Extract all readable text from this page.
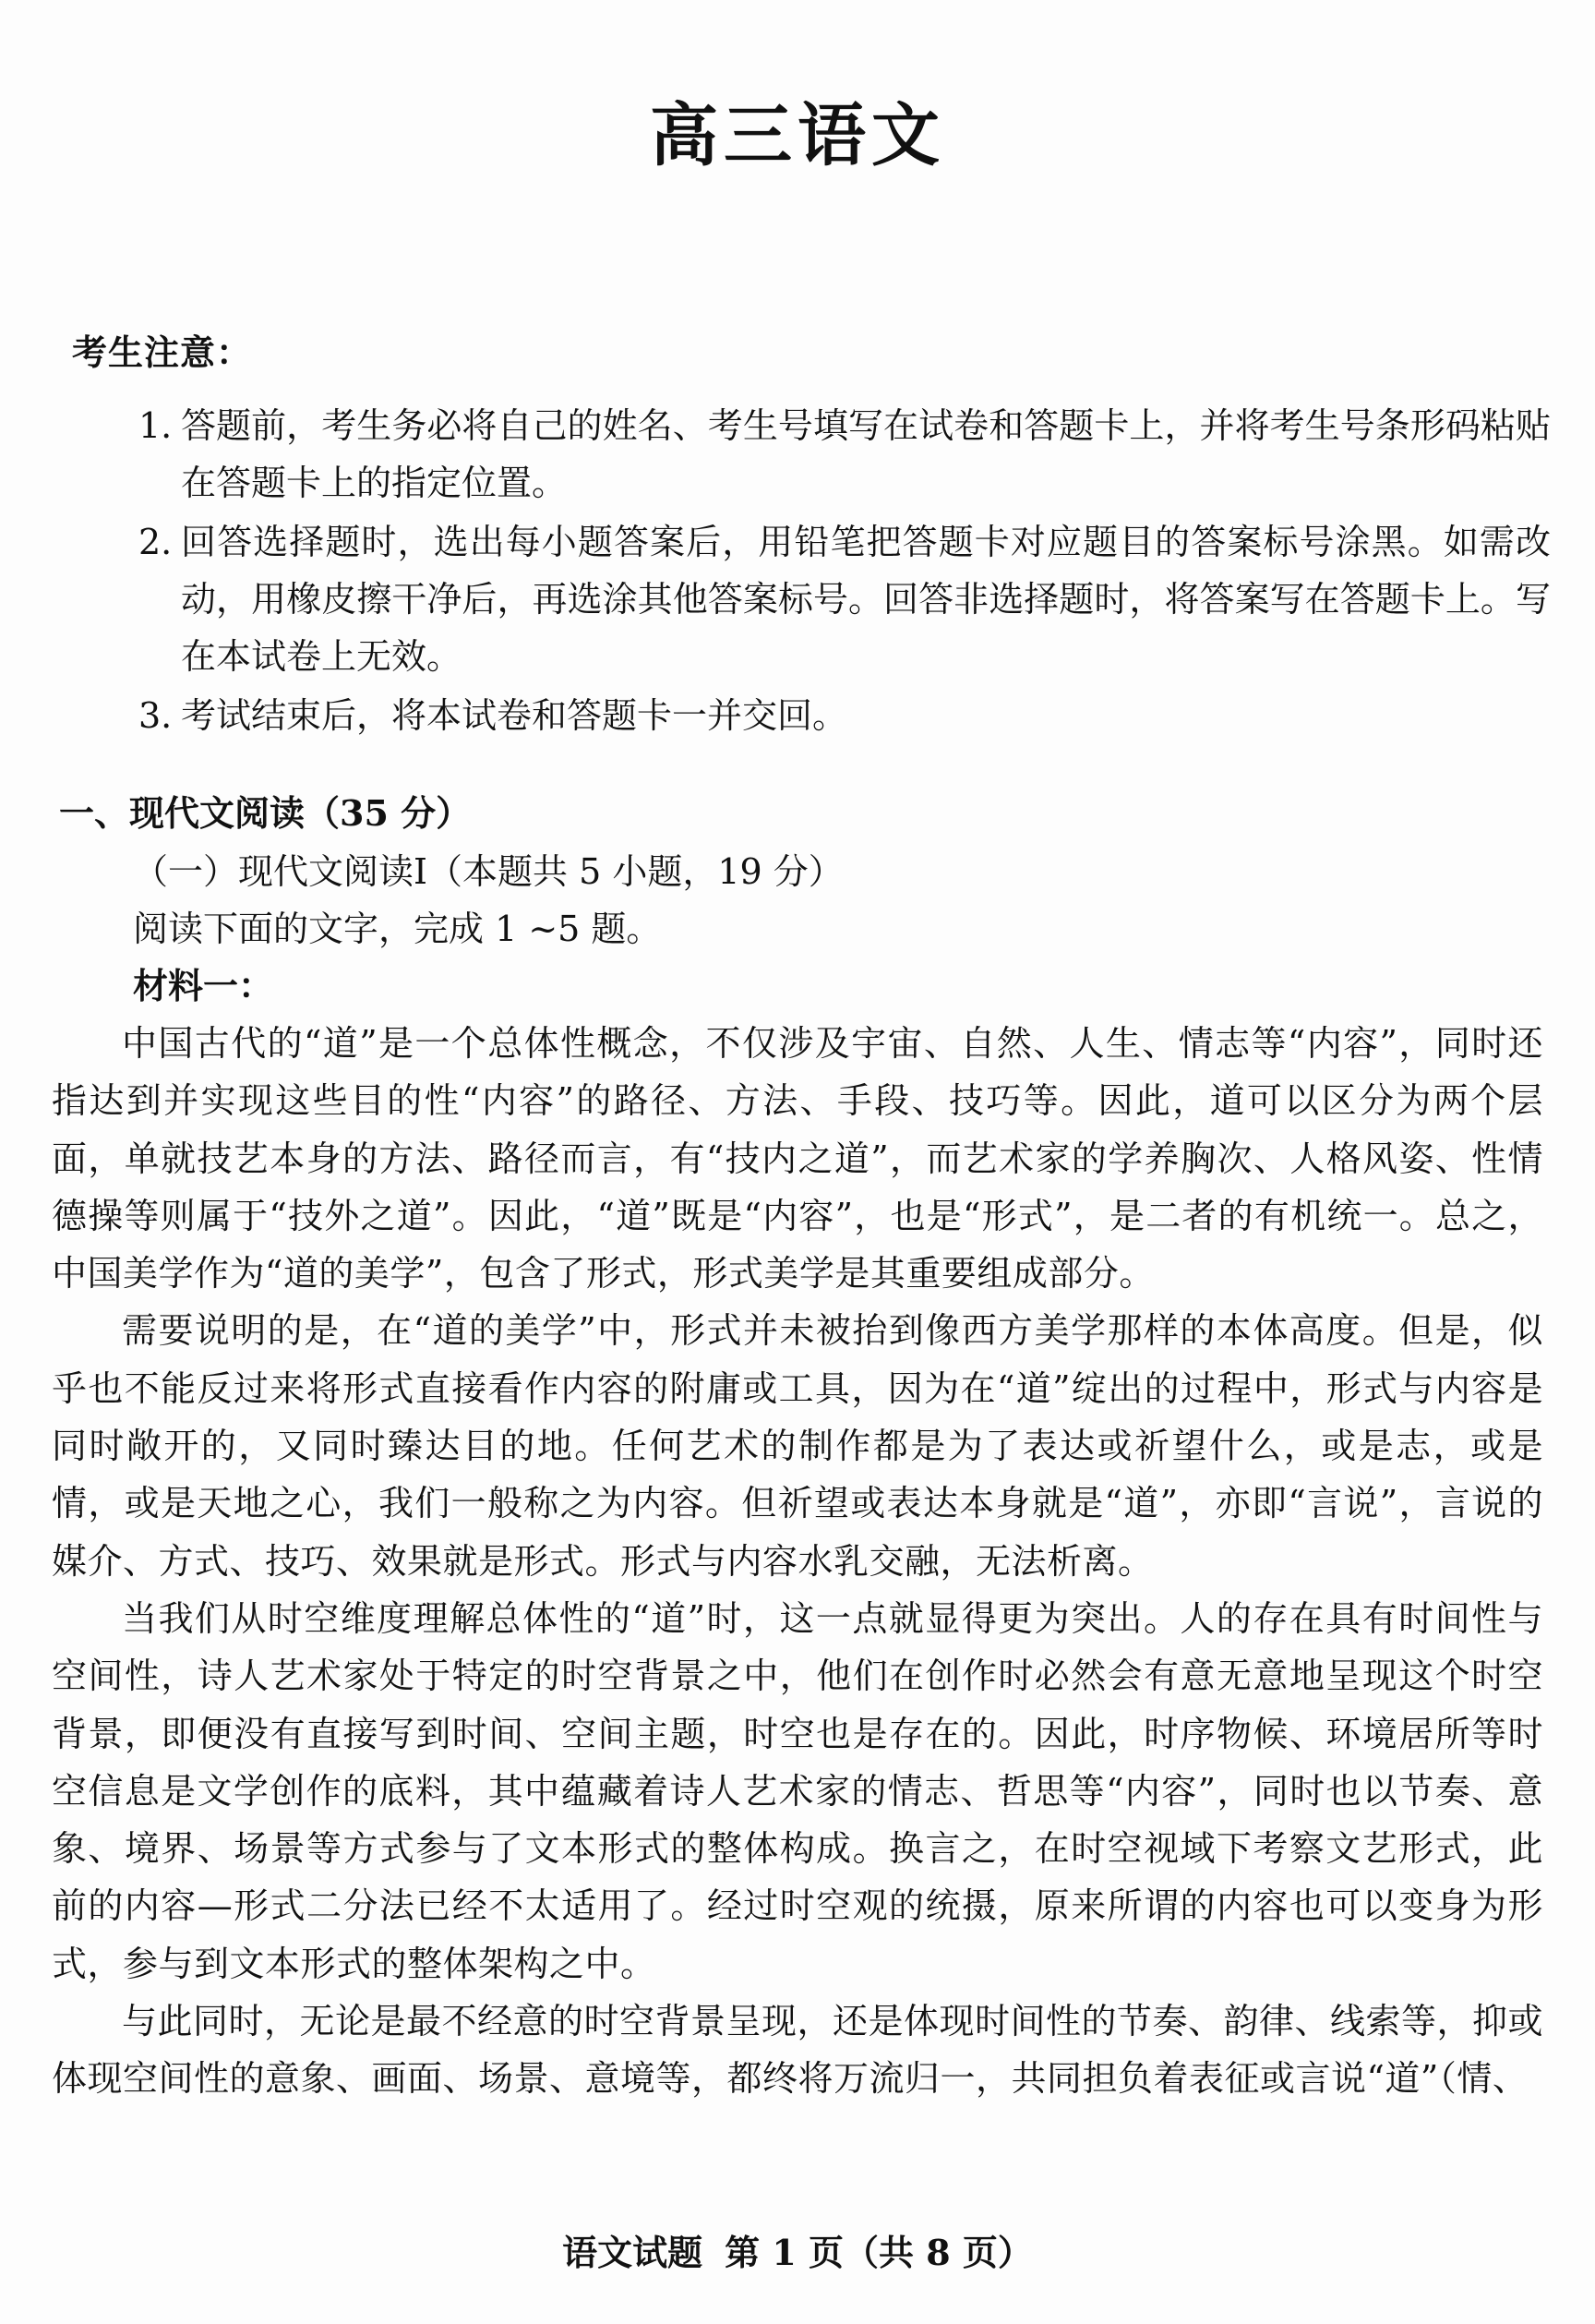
高三语文
考生注意：
1. 答题前，考生务必将自己的姓名、考生号填写在试卷和答题卡上，并将考生号条形码粘贴在答题卡上的指定位置。
2. 回答选择题时，选出每小题答案后，用铅笔把答题卡对应题目的答案标号涂黑。如需改动，用橡皮擦干净后，再选涂其他答案标号。回答非选择题时，将答案写在答题卡上。写在本试卷上无效。
3. 考试结束后，将本试卷和答题卡一并交回。
一、现代文阅读（35 分）
（一）现代文阅读Ⅰ（本题共 5 小题，19 分）
阅读下面的文字，完成 1 ~5 题。
材料一：

中国古代的“道”是一个总体性概念，不仅涉及宇宙、自然、人生、情志等“内容”，同时还指达到并实现这些目的性“内容”的路径、方法、手段、技巧等。因此，道可以区分为两个层面，单就技艺本身的方法、路径而言，有“技内之道”，而艺术家的学养胸次、人格风姿、性情德操等则属于“技外之道”。因此，“道”既是“内容”，也是“形式”，是二者的有机统一。总之，中国美学作为“道的美学”，包含了形式，形式美学是其重要组成部分。

需要说明的是，在“道的美学”中，形式并未被抬到像西方美学那样的本体高度。但是，似乎也不能反过来将形式直接看作内容的附庸或工具，因为在“道”绽出的过程中，形式与内容是同时敞开的，又同时臻达目的地。任何艺术的制作都是为了表达或祈望什么，或是志，或是情，或是天地之心，我们一般称之为内容。但祈望或表达本身就是“道”，亦即“言说”，言说的媒介、方式、技巧、效果就是形式。形式与内容水乳交融，无法析离。

当我们从时空维度理解总体性的“道”时，这一点就显得更为突出。人的存在具有时间性与空间性，诗人艺术家处于特定的时空背景之中，他们在创作时必然会有意无意地呈现这个时空背景，即便没有直接写到时间、空间主题，时空也是存在的。因此，时序物候、环境居所等时空信息是文学创作的底料，其中蕴藏着诗人艺术家的情志、哲思等“内容”，同时也以节奏、意象、境界、场景等方式参与了文本形式的整体构成。换言之，在时空视域下考察文艺形式，此前的内容—形式二分法已经不太适用了。经过时空观的统摄，原来所谓的内容也可以变身为形式，参与到文本形式的整体架构之中。

与此同时，无论是最不经意的时空背景呈现，还是体现时间性的节奏、韵律、线索等，抑或体现空间性的意象、画面、场景、意境等，都终将万流归一，共同担负着表征或言说“道”（情、

语文试题 第 1 页（共 8 页）
